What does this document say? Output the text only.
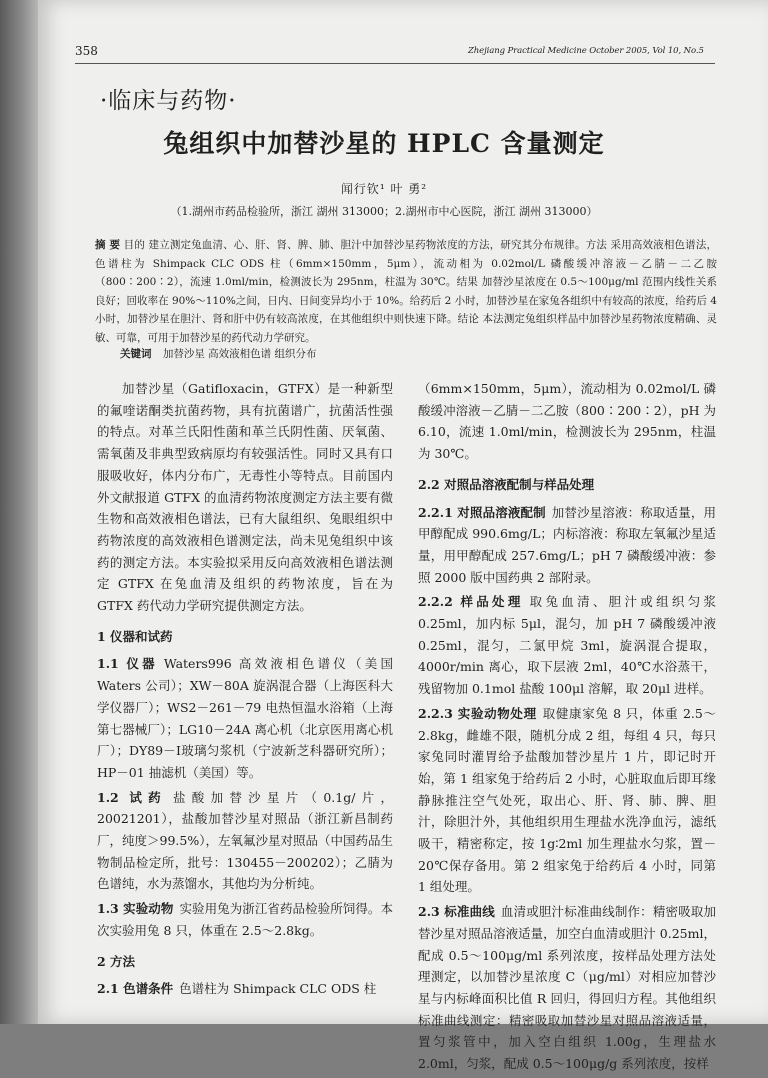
358	Zhejiang Practical Medicine October 2005, Vol 10, No.5
·临床与药物·
兔组织中加替沙星的 HPLC 含量测定
闻行钦¹ 叶 勇²
（1.湖州市药品检验所，浙江 湖州 313000；2.湖州市中心医院，浙江 湖州 313000）
摘 要 目的 建立测定兔血清、心、肝、肾、脾、肺、胆汁中加替沙星药物浓度的方法，研究其分布规律。方法 采用高效液相色谱法，色谱柱为 Shimpack CLC ODS 柱（6mm×150mm，5μm），流动相为 0.02mol/L 磷酸缓冲溶液－乙腈－二乙胺（800∶200∶2），流速 1.0ml/min，检测波长为 295nm，柱温为 30℃。结果 加替沙星浓度在 0.5～100μg/ml 范围内线性关系良好；回收率在 90%～110%之间，日内、日间变异均小于 10%。给药后 2 小时，加替沙星在家兔各组织中有较高的浓度，给药后 4 小时，加替沙星在胆汁、肾和肝中仍有较高浓度，在其他组织中则快速下降。结论 本法测定兔组织样品中加替沙星药物浓度精确、灵敏、可靠，可用于加替沙星的药代动力学研究。
关键词 加替沙星 高效液相色谱 组织分布

加替沙星（Gatifloxacin，GTFX）是一种新型的氟喹诺酮类抗菌药物，具有抗菌谱广，抗菌活性强的特点。对革兰氏阳性菌和革兰氏阴性菌、厌氧菌、需氧菌及非典型致病原均有较强活性。同时又具有口服吸收好，体内分布广，无毒性小等特点。目前国内外文献报道 GTFX 的血清药物浓度测定方法主要有微生物和高效液相色谱法，已有大鼠组织、兔眼组织中药物浓度的高效液相色谱测定法，尚未见兔组织中该药的测定方法。本实验拟采用反向高效液相色谱法测定 GTFX 在兔血清及组织的药物浓度，旨在为 GTFX 药代动力学研究提供测定方法。

1 仪器和试药

1.1 仪器 Waters996 高效液相色谱仪（美国 Waters 公司）；XW－80A 旋涡混合器（上海医科大学仪器厂）；WS2－261－79 电热恒温水浴箱（上海第七器械厂）；LG10－24A 离心机（北京医用离心机厂）；DY89－Ⅰ玻璃匀浆机（宁波新芝科器研究所）；HP－01 抽滤机（美国）等。

1.2 试药 盐酸加替沙星片（0.1g/片，20021201），盐酸加替沙星对照品（浙江新昌制药厂，纯度＞99.5%），左氧氟沙星对照品（中国药品生物制品检定所，批号：130455－200202）；乙腈为色谱纯，水为蒸馏水，其他均为分析纯。

1.3 实验动物 实验用兔为浙江省药品检验所饲得。本次实验用兔 8 只，体重在 2.5～2.8kg。

2 方法

2.1 色谱条件 色谱柱为 Shimpack CLC ODS 柱

（6mm×150mm，5μm），流动相为 0.02mol/L 磷酸缓冲溶液－乙腈－二乙胺（800∶200∶2），pH 为 6.10，流速 1.0ml/min，检测波长为 295nm，柱温为 30℃。

2.2 对照品溶液配制与样品处理

2.2.1 对照品溶液配制 加替沙星溶液：称取适量，用甲醇配成 990.6mg/L；内标溶液：称取左氧氟沙星适量，用甲醇配成 257.6mg/L；pH 7 磷酸缓冲液：参照 2000 版中国药典 2 部附录。

2.2.2 样品处理 取兔血清、胆汁或组织匀浆 0.25ml，加内标 5μl，混匀，加 pH 7 磷酸缓冲液 0.25ml，混匀，二氯甲烷 3ml，旋涡混合提取，4000r/min 离心，取下层液 2ml，40℃水浴蒸干，残留物加 0.1mol 盐酸 100μl 溶解，取 20μl 进样。

2.2.3 实验动物处理 取健康家兔 8 只，体重 2.5～2.8kg，雌雄不限，随机分成 2 组，每组 4 只，每只家兔同时灌胃给予盐酸加替沙星片 1 片，即记时开始，第 1 组家兔于给药后 2 小时，心脏取血后即耳缘静脉推注空气处死，取出心、肝、肾、肺、脾、胆汁，除胆汁外，其他组织用生理盐水洗净血污，滤纸吸干，精密称定，按 1g∶2ml 加生理盐水匀浆，置－20℃保存备用。第 2 组家兔于给药后 4 小时，同第 1 组处理。

2.3 标准曲线 血清或胆汁标准曲线制作：精密吸取加替沙星对照品溶液适量，加空白血清或胆汁 0.25ml，配成 0.5～100μg/ml 系列浓度，按样品处理方法处理测定，以加替沙星浓度 C（μg/ml）对相应加替沙星与内标峰面积比值 R 回归，得回归方程。其他组织标准曲线测定：精密吸取加替沙星对照品溶液适量，置匀浆管中，加入空白组织 1.00g，生理盐水 2.0ml，匀浆，配成 0.5～100μg/g 系列浓度，按样
